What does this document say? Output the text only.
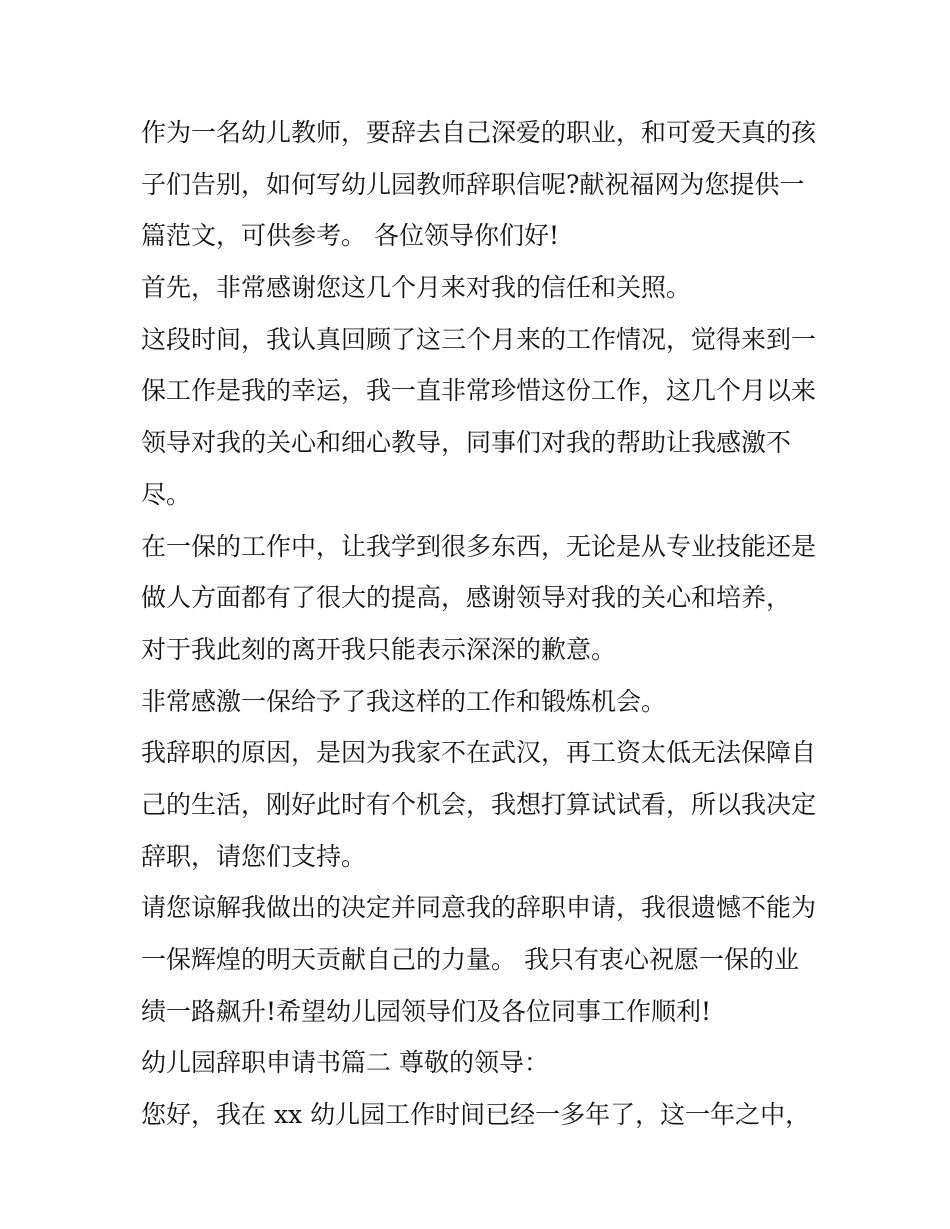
作为一名幼儿教师，要辞去自己深爱的职业，和可爱天真的孩
子们告别，如何写幼儿园教师辞职信呢?献祝福网为您提供一
篇范文，可供参考。 各位领导你们好!
首先，非常感谢您这几个月来对我的信任和关照。
这段时间，我认真回顾了这三个月来的工作情况，觉得来到一
保工作是我的幸运，我一直非常珍惜这份工作，这几个月以来
领导对我的关心和细心教导，同事们对我的帮助让我感激不
尽。
在一保的工作中，让我学到很多东西，无论是从专业技能还是
做人方面都有了很大的提高，感谢领导对我的关心和培养，
对于我此刻的离开我只能表示深深的歉意。
非常感激一保给予了我这样的工作和锻炼机会。
我辞职的原因，是因为我家不在武汉，再工资太低无法保障自
己的生活，刚好此时有个机会，我想打算试试看，所以我决定
辞职，请您们支持。
请您谅解我做出的决定并同意我的辞职申请，我很遗憾不能为
一保辉煌的明天贡献自己的力量。 我只有衷心祝愿一保的业
绩一路飙升!希望幼儿园领导们及各位同事工作顺利!
幼儿园辞职申请书篇二 尊敬的领导：
您好，我在 xx 幼儿园工作时间已经一多年了，这一年之中，
